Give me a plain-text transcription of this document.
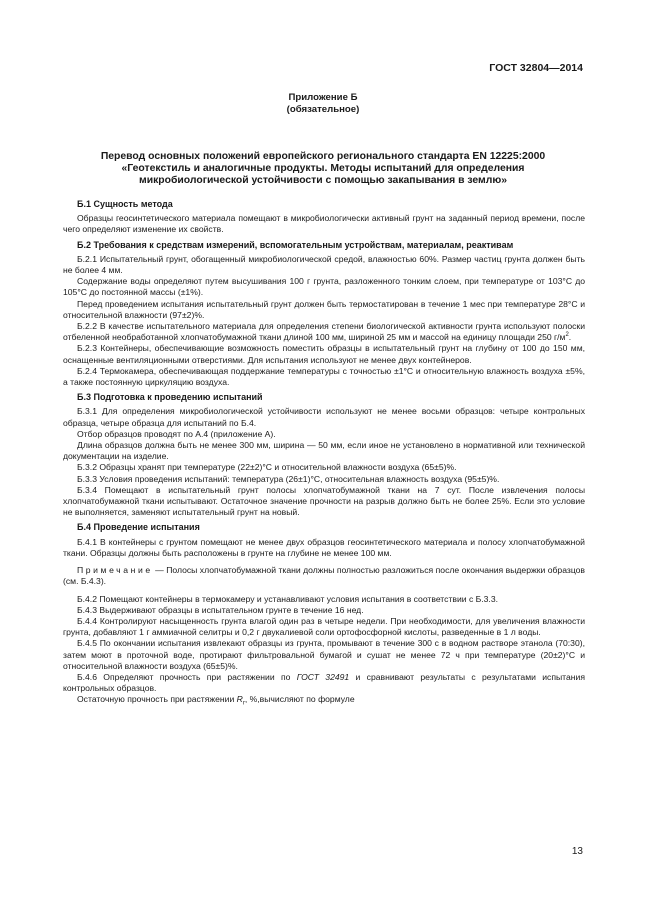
ГОСТ 32804—2014
Приложение Б
(обязательное)
Перевод основных положений европейского регионального стандарта EN 12225:2000
«Геотекстиль и аналогичные продукты. Методы испытаний для определения
микробиологической устойчивости с помощью закапывания в землю»
Б.1 Сущность метода

Образцы геосинтетического материала помещают в микробиологически активный грунт на заданный период времени, после чего определяют изменение их свойств.

Б.2 Требования к средствам измерений, вспомогательным устройствам, материалам, реактивам

Б.2.1 Испытательный грунт, обогащенный микробиологической средой, влажностью 60%. Размер частиц грунта должен быть не более 4 мм.

Содержание воды определяют путем высушивания 100 г грунта, разложенного тонким слоем, при температуре от 103°С до 105°С до постоянной массы (±1%).

Перед проведением испытания испытательный грунт должен быть термостатирован в течение 1 мес при температуре 28°С и относительной влажности (97±2)%.

Б.2.2 В качестве испытательного материала для определения степени биологической активности грунта используют полоски отбеленной необработанной хлопчатобумажной ткани длиной 100 мм, шириной 25 мм и массой на единицу площади 250 $г/м^2$.

Б.2.3 Контейнеры, обеспечивающие возможность поместить образцы в испытательный грунт на глубину от 100 до 150 мм, оснащенные вентиляционными отверстиями. Для испытания используют не менее двух контейнеров.

Б.2.4 Термокамера, обеспечивающая поддержание температуры с точностью ±1°С и относительную влажность воздуха ±5%, а также постоянную циркуляцию воздуха.

Б.3 Подготовка к проведению испытаний

Б.3.1 Для определения микробиологической устойчивости используют не менее восьми образцов: четыре контрольных образца, четыре образца для испытаний по Б.4.

Отбор образцов проводят по А.4 (приложение А).

Длина образцов должна быть не менее 300 мм, ширина — 50 мм, если иное не установлено в нормативной или технической документации на изделие.

Б.3.2 Образцы хранят при температуре (22±2)°С и относительной влажности воздуха (65±5)%.

Б.3.3 Условия проведения испытаний: температура (26±1)°С, относительная влажность воздуха (95±5)%.

Б.3.4 Помещают в испытательный грунт полосы хлопчатобумажной ткани на 7 сут. После извлечения полосы хлопчатобумажной ткани испытывают. Остаточное значение прочности на разрыв должно быть не более 25%. Если это условие не выполняется, заменяют испытательный грунт на новый.

Б.4 Проведение испытания

Б.4.1 В контейнеры с грунтом помещают не менее двух образцов геосинтетического материала и полосу хлопчатобумажной ткани. Образцы должны быть расположены в грунте на глубине не менее 100 мм.

Примечание — Полосы хлопчатобумажной ткани должны полностью разложиться после окончания выдержки образцов (см. Б.4.3).

Б.4.2 Помещают контейнеры в термокамеру и устанавливают условия испытания в соответствии с Б.3.3.

Б.4.3 Выдерживают образцы в испытательном грунте в течение 16 нед.

Б.4.4 Контролируют насыщенность грунта влагой один раз в четыре недели. При необходимости, для увеличения влажности грунта, добавляют 1 г аммиачной селитры и 0,2 г двукалиевой соли ортофосфорной кислоты, разведенные в 1 л воды.

Б.4.5 По окончании испытания извлекают образцы из грунта, промывают в течение 300 с в водном растворе этанола (70:30), затем моют в проточной воде, протирают фильтровальной бумагой и сушат не менее 72 ч при температуре (20±2)°С и относительной влажности воздуха (65±5)%.

Б.4.6 Определяют прочность при растяжении по ГОСТ 32491 и сравнивают результаты с результатами испытания контрольных образцов.

Остаточную прочность при растяжении $R_r$, %,вычисляют по формуле

13
